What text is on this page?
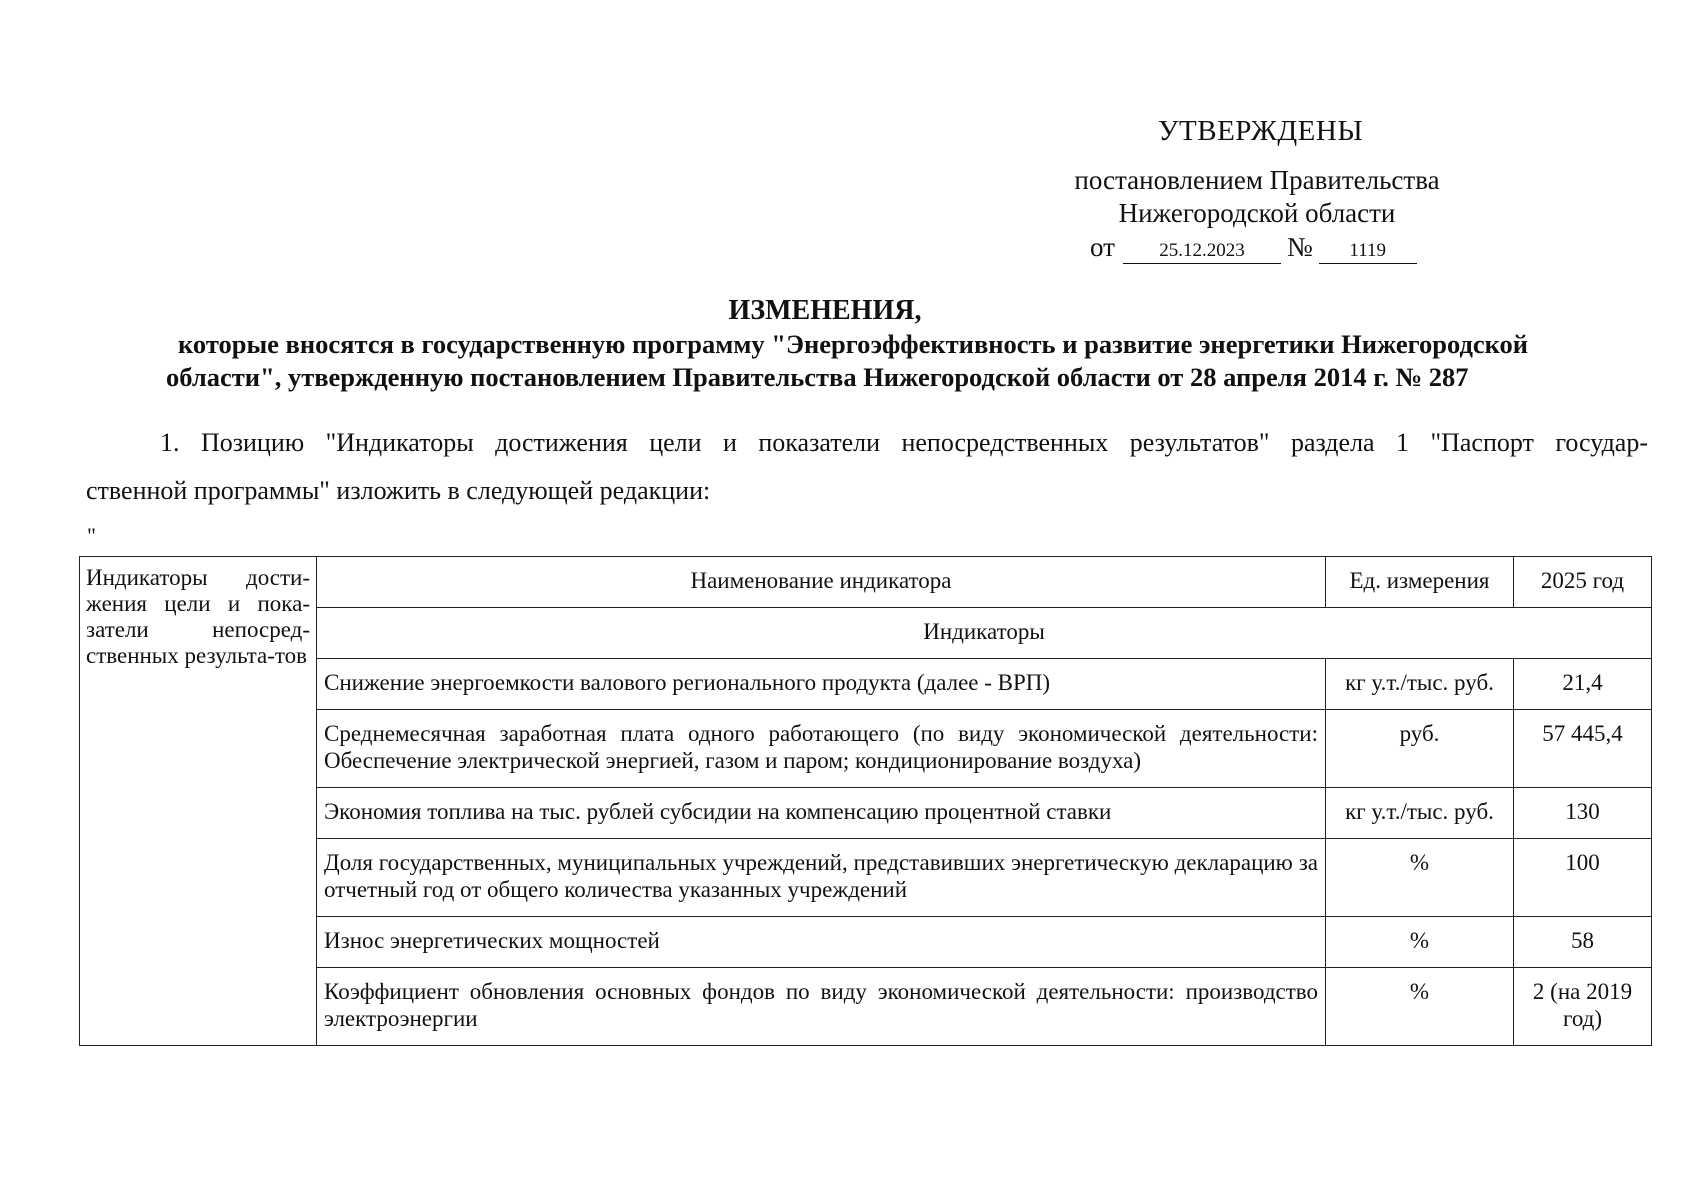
УТВЕРЖДЕНЫ
постановлением Правительства
Нижегородской области
от 25.12.2023 № 1119
ИЗМЕНЕНИЯ,
которые вносятся в государственную программу "Энергоэффективность и развитие энергетики Нижегородской
области", утвержденную постановлением Правительства Нижегородской области от 28 апреля 2014 г. № 287
1. Позицию "Индикаторы достижения цели и показатели непосредственных результатов" раздела 1 "Паспорт государ-
ственной программы" изложить в следующей редакции:
"
Индикаторы дости-жения цели и пока-затели непосред-ственных результа-тов	Наименование индикатора	Ед. измерения	2025 год
	Индикаторы		
	Снижение энергоемкости валового регионального продукта (далее - ВРП)	кг у.т./тыс. руб.	21,4
	Среднемесячная заработная плата одного работающего (по виду экономической деятельности: Обеспечение электрической энергией, газом и паром; кондиционирование воздуха)	руб.	57 445,4
	Экономия топлива на тыс. рублей субсидии на компенсацию процентной ставки	кг у.т./тыс. руб.	130
	Доля государственных, муниципальных учреждений, представивших энергетическую декларацию за отчетный год от общего количества указанных учреждений	%	100
	Износ энергетических мощностей	%	58
	Коэффициент обновления основных фондов по виду экономической деятельности: производство электроэнергии	%	2 (на 2019 год)
